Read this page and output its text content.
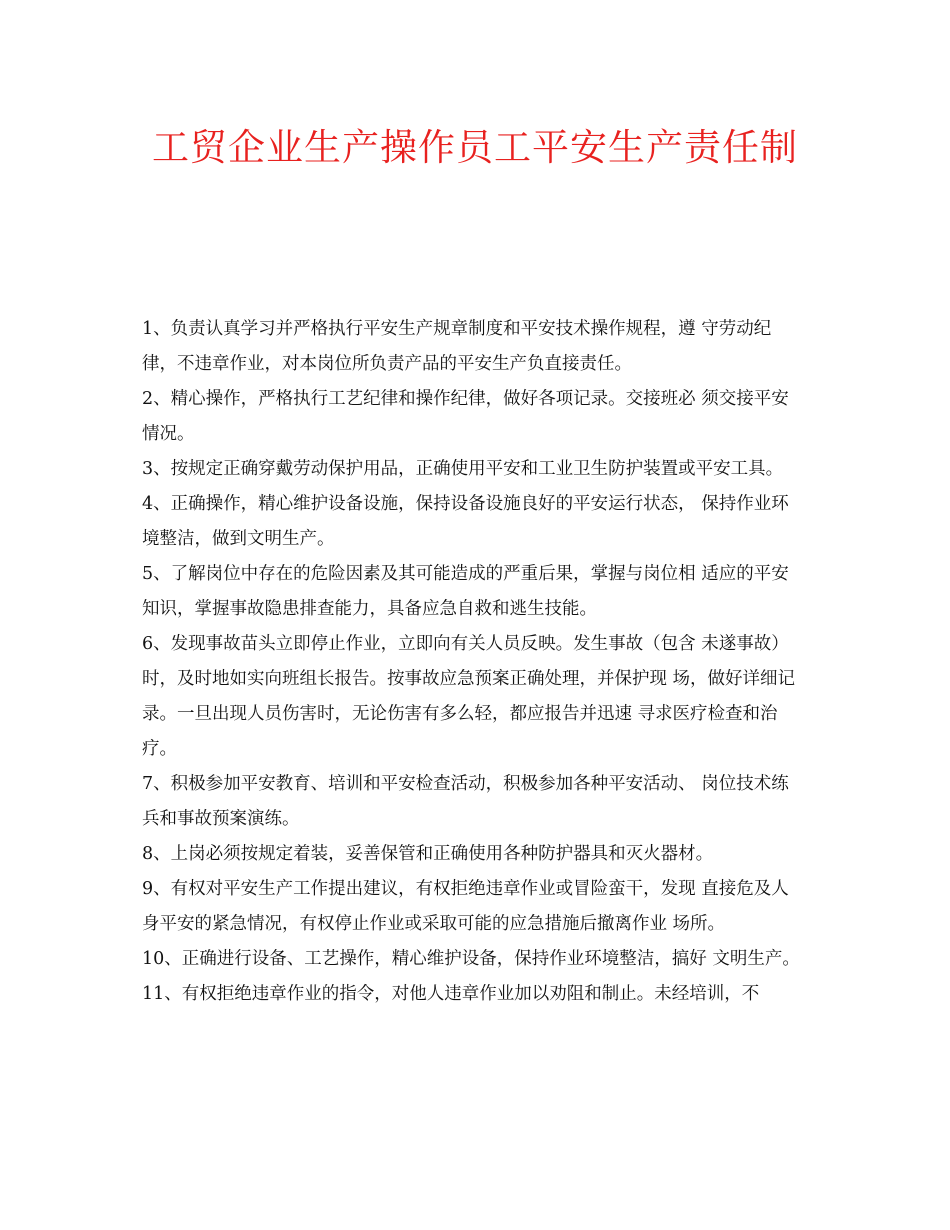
工贸企业生产操作员工平安生产责任制

1、负责认真学习并严格执行平安生产规章制度和平安技术操作规程，遵 守劳动纪律，不违章作业，对本岗位所负责产品的平安生产负直接责任。

2、精心操作，严格执行工艺纪律和操作纪律，做好各项记录。交接班必 须交接平安情况。

3、按规定正确穿戴劳动保护用品，正确使用平安和工业卫生防护装置或平安工具。

4、正确操作，精心维护设备设施，保持设备设施良好的平安运行状态， 保持作业环境整洁，做到文明生产。

5、了解岗位中存在的危险因素及其可能造成的严重后果，掌握与岗位相 适应的平安知识，掌握事故隐患排查能力，具备应急自救和逃生技能。

6、发现事故苗头立即停止作业，立即向有关人员反映。发生事故（包含 未遂事故）时，及时地如实向班组长报告。按事故应急预案正确处理，并保护现 场，做好详细记录。一旦出现人员伤害时，无论伤害有多么轻，都应报告并迅速 寻求医疗检查和治疗。

7、积极参加平安教育、培训和平安检查活动，积极参加各种平安活动、 岗位技术练兵和事故预案演练。

8、上岗必须按规定着装，妥善保管和正确使用各种防护器具和灭火器材。

9、有权对平安生产工作提出建议，有权拒绝违章作业或冒险蛮干，发现 直接危及人身平安的紧急情况，有权停止作业或采取可能的应急措施后撤离作业 场所。

10、正确进行设备、工艺操作，精心维护设备，保持作业环境整洁，搞好 文明生产。

11、有权拒绝违章作业的指令，对他人违章作业加以劝阻和制止。未经培训，不
